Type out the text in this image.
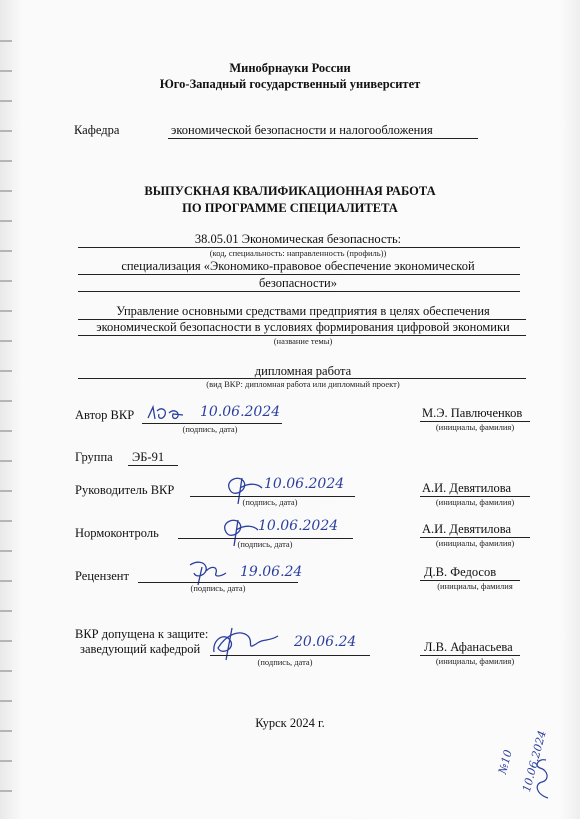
Минобрнауки России
Юго-Западный государственный университет
Кафедра	экономической безопасности и налогообложения
ВЫПУСКНАЯ КВАЛИФИКАЦИОННАЯ РАБОТА
ПО ПРОГРАММЕ СПЕЦИАЛИТЕТА
38.05.01 Экономическая безопасность:
(код, специальность: направленность (профиль))
специализация «Экономико-правовое обеспечение экономической
безопасности»
Управление основными средствами предприятия в целях обеспечения
экономической безопасности в условиях формирования цифровой экономики
(название темы)
дипломная работа
(вид ВКР: дипломная работа или дипломный проект)
Автор ВКР	10.06.2024
(подпись, дата)
М.Э. Павлюченков
(инициалы, фамилия)
Группа ЭБ-91
Руководитель ВКР	10.06.2024
(подпись, дата)
А.И. Девятилова
(инициалы, фамилия)
Нормоконтроль	10.06.2024
(подпись, дата)
А.И. Девятилова
(инициалы, фамилия)
Рецензент	19.06.24
(подпись, дата)
Д.В. Федосов
(инициалы, фамилия
ВКР допущена к защите:
заведующий кафедрой	20.06.24
(подпись, дата)
Л.В. Афанасьева
(инициалы, фамилия)
Курск 2024 г.
№10 10.06.2024
